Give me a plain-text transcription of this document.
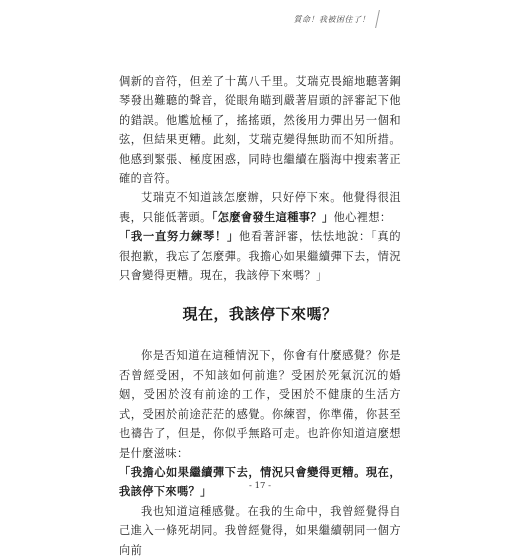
質命！我被困住了！

倜新的音符，但差了十萬八千里。艾瑞克畏縮地聽著鋼琴發出難聽的聲音，從眼角瞄到嚴著眉頭的評審記下他的錯誤。他尷尬極了，搖搖頭，然後用力彈出另一個和弦，但結果更糟。此刻，艾瑞克變得無助而不知所措。他感到緊張、極度困惑，同時也繼續在腦海中搜索著正確的音符。

艾瑞克不知道該怎麼辦，只好停下來。他覺得很沮喪，只能低著頭。「怎麼會發生這種事？」他心裡想：

「我一直努力練琴！」他看著評審，怯怯地說：「真的很抱歉，我忘了怎麼彈。我擔心如果繼續彈下去，情況只會變得更糟。現在，我該停下來嗎？」

現在，我該停下來嗎？

你是否知道在這種情況下，你會有什麼感覺？你是否曾經受困，不知該如何前進？受困於死氣沉沉的婚姻，受困於沒有前途的工作，受困於不健康的生活方式，受困於前途茫茫的感覺。你練習，你準備，你甚至也禱告了，但是，你似乎無路可走。也許你知道這麼想是什麼滋味：

「我擔心如果繼續彈下去，情況只會變得更糟。現在，我該停下來嗎？」

我也知道這種感覺。在我的生命中，我曾經覺得自己進入一條死胡同。我曾經覺得，如果繼續朝同一個方向前

- 17 -
